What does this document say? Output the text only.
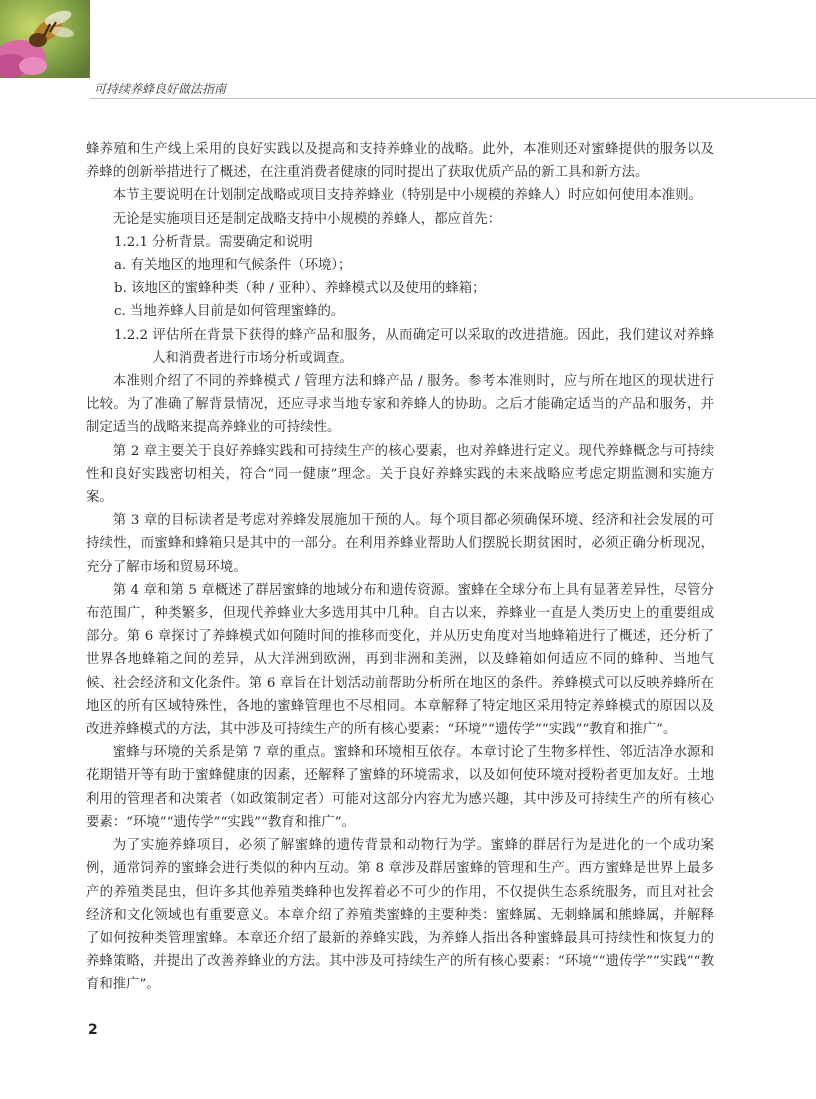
可持续养蜂良好做法指南

蜂养殖和生产线上采用的良好实践以及提高和支持养蜂业的战略。此外，本准则还对蜜蜂提供的服务以及养蜂的创新举措进行了概述，在注重消费者健康的同时提出了获取优质产品的新工具和新方法。

本节主要说明在计划制定战略或项目支持养蜂业（特别是中小规模的养蜂人）时应如何使用本准则。

无论是实施项目还是制定战略支持中小规模的养蜂人，都应首先：

1.2.1 分析背景。需要确定和说明

a. 有关地区的地理和气候条件（环境）；

b. 该地区的蜜蜂种类（种 / 亚种）、养蜂模式以及使用的蜂箱；

c. 当地养蜂人目前是如何管理蜜蜂的。

1.2.2 评估所在背景下获得的蜂产品和服务，从而确定可以采取的改进措施。因此，我们建议对养蜂人和消费者进行市场分析或调查。

本准则介绍了不同的养蜂模式 / 管理方法和蜂产品 / 服务。参考本准则时，应与所在地区的现状进行比较。为了准确了解背景情况，还应寻求当地专家和养蜂人的协助。之后才能确定适当的产品和服务，并制定适当的战略来提高养蜂业的可持续性。

第 2 章主要关于良好养蜂实践和可持续生产的核心要素，也对养蜂进行定义。现代养蜂概念与可持续性和良好实践密切相关，符合“同一健康”理念。关于良好养蜂实践的未来战略应考虑定期监测和实施方案。

第 3 章的目标读者是考虑对养蜂发展施加干预的人。每个项目都必须确保环境、经济和社会发展的可持续性，而蜜蜂和蜂箱只是其中的一部分。在利用养蜂业帮助人们摆脱长期贫困时，必须正确分析现况，充分了解市场和贸易环境。

第 4 章和第 5 章概述了群居蜜蜂的地域分布和遗传资源。蜜蜂在全球分布上具有显著差异性，尽管分布范围广，种类繁多，但现代养蜂业大多选用其中几种。自古以来，养蜂业一直是人类历史上的重要组成部分。第 6 章探讨了养蜂模式如何随时间的推移而变化，并从历史角度对当地蜂箱进行了概述，还分析了世界各地蜂箱之间的差异，从大洋洲到欧洲，再到非洲和美洲，以及蜂箱如何适应不同的蜂种、当地气候、社会经济和文化条件。第 6 章旨在计划活动前帮助分析所在地区的条件。养蜂模式可以反映养蜂所在地区的所有区域特殊性，各地的蜜蜂管理也不尽相同。本章解释了特定地区采用特定养蜂模式的原因以及改进养蜂模式的方法，其中涉及可持续生产的所有核心要素：“环境”“遗传学”“实践”“教育和推广”。

蜜蜂与环境的关系是第 7 章的重点。蜜蜂和环境相互依存。本章讨论了生物多样性、邻近洁净水源和花期错开等有助于蜜蜂健康的因素，还解释了蜜蜂的环境需求，以及如何使环境对授粉者更加友好。土地利用的管理者和决策者（如政策制定者）可能对这部分内容尤为感兴趣，其中涉及可持续生产的所有核心要素：“环境”“遗传学”“实践”“教育和推广”。

为了实施养蜂项目，必须了解蜜蜂的遗传背景和动物行为学。蜜蜂的群居行为是进化的一个成功案例，通常饲养的蜜蜂会进行类似的种内互动。第 8 章涉及群居蜜蜂的管理和生产。西方蜜蜂是世界上最多产的养殖类昆虫，但许多其他养殖类蜂种也发挥着必不可少的作用，不仅提供生态系统服务，而且对社会经济和文化领域也有重要意义。本章介绍了养殖类蜜蜂的主要种类：蜜蜂属、无刺蜂属和熊蜂属，并解释了如何按种类管理蜜蜂。本章还介绍了最新的养蜂实践，为养蜂人指出各种蜜蜂最具可持续性和恢复力的养蜂策略，并提出了改善养蜂业的方法。其中涉及可持续生产的所有核心要素：“环境”“遗传学”“实践”“教育和推广”。

2
